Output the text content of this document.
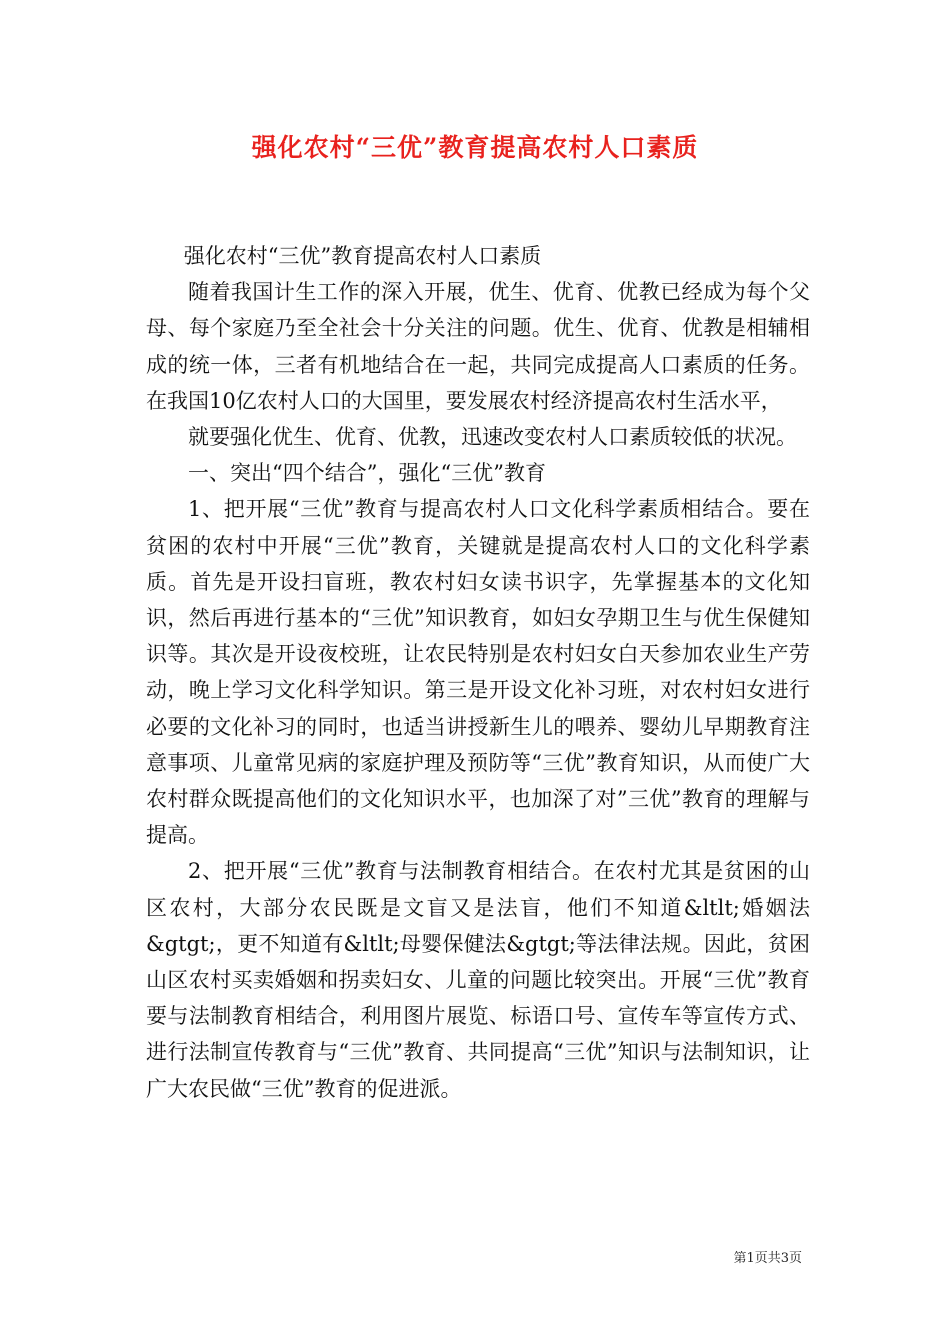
强化农村“三优”教育提高农村人口素质

强化农村“三优”教育提高农村人口素质

随着我国计生工作的深入开展，优生、优育、优教已经成为每个父母、每个家庭乃至全社会十分关注的问题。优生、优育、优教是相辅相成的统一体，三者有机地结合在一起，共同完成提高人口素质的任务。在我国10亿农村人口的大国里，要发展农村经济提高农村生活水平，

就要强化优生、优育、优教，迅速改变农村人口素质较低的状况。

一、突出“四个结合”，强化“三优”教育

1、把开展“三优”教育与提高农村人口文化科学素质相结合。要在贫困的农村中开展“三优”教育，关键就是提高农村人口的文化科学素质。首先是开设扫盲班，教农村妇女读书识字，先掌握基本的文化知识，然后再进行基本的“三优”知识教育，如妇女孕期卫生与优生保健知识等。其次是开设夜校班，让农民特别是农村妇女白天参加农业生产劳动，晚上学习文化科学知识。第三是开设文化补习班，对农村妇女进行必要的文化补习的同时，也适当讲授新生儿的喂养、婴幼儿早期教育注意事项、儿童常见病的家庭护理及预防等“三优”教育知识，从而使广大农村群众既提高他们的文化知识水平，也加深了对”三优”教育的理解与提高。

2、把开展“三优”教育与法制教育相结合。在农村尤其是贫困的山区农村，大部分农民既是文盲又是法盲，他们不知道&ltlt;婚姻法&gtgt;，更不知道有&ltlt;母婴保健法&gtgt;等法律法规。因此，贫困山区农村买卖婚姻和拐卖妇女、儿童的问题比较突出。开展“三优”教育要与法制教育相结合，利用图片展览、标语口号、宣传车等宣传方式、进行法制宣传教育与“三优”教育、共同提高“三优”知识与法制知识，让广大农民做“三优”教育的促进派。

第1页共3页
